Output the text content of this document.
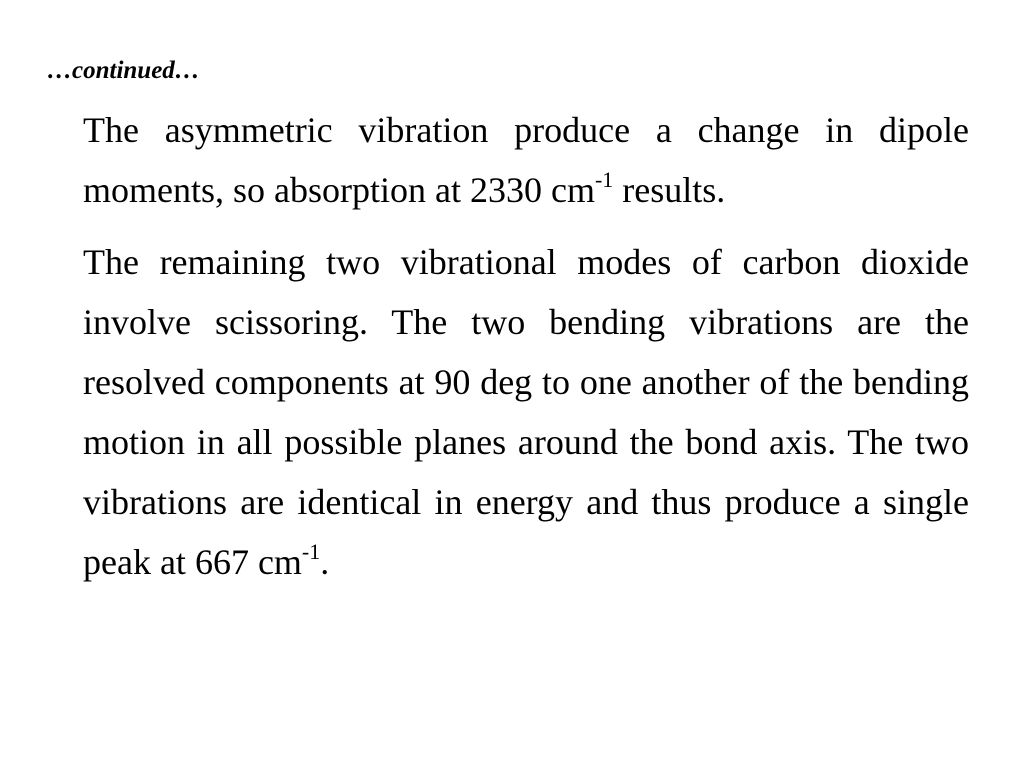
…continued…

The asymmetric vibration produce a change in dipole moments, so absorption at 2330 $cm^{-1}$ results.

The remaining two vibrational modes of carbon dioxide involve scissoring. The two bending vibrations are the resolved components at 90 deg to one another of the bending motion in all possible planes around the bond axis. The two vibrations are identical in energy and thus produce a single peak at 667 $cm^{-1}$.
